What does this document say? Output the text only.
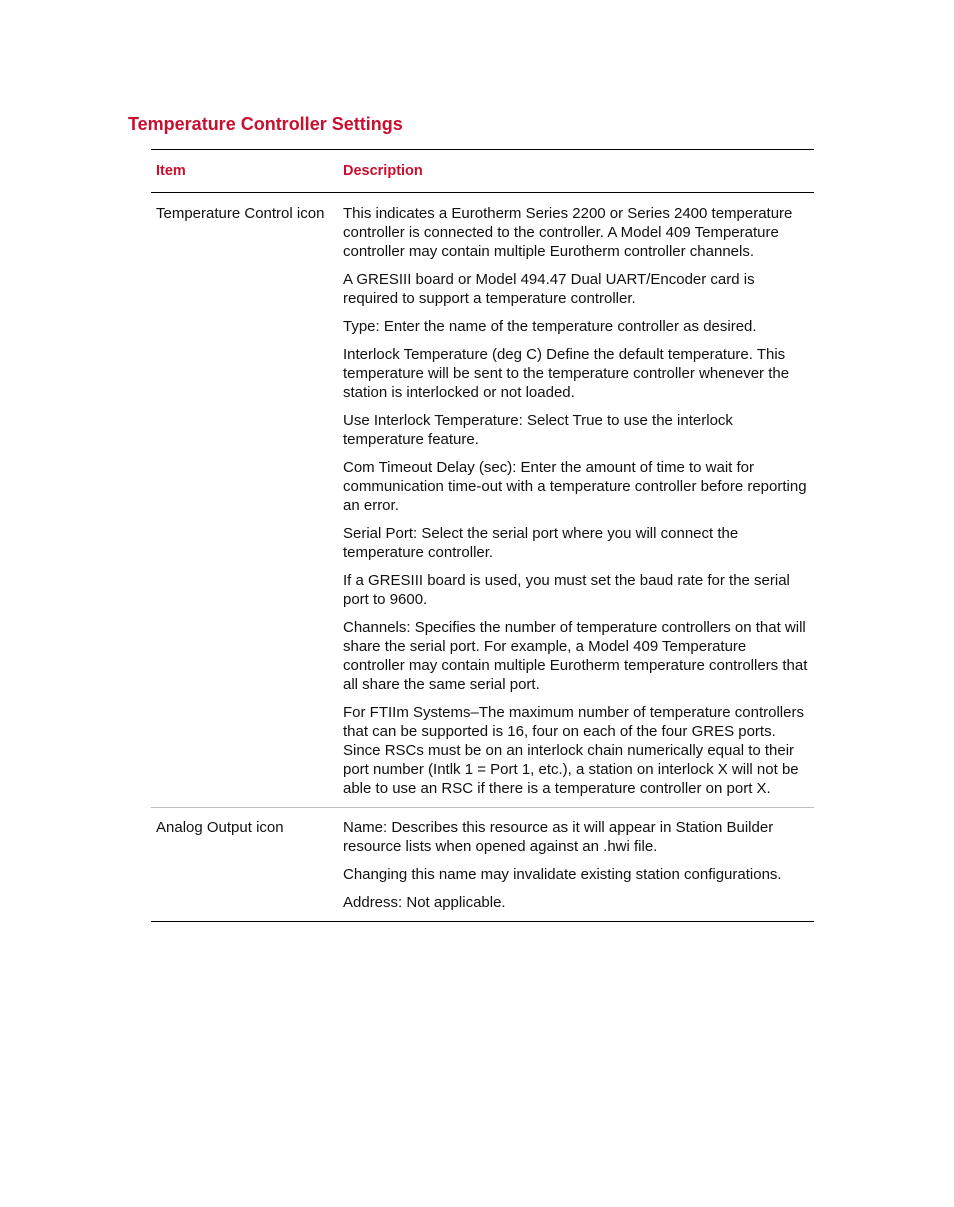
Temperature Controller Settings
Item	Description
Temperature Control icon	This indicates a Eurotherm Series 2200 or Series 2400 temperature controller is connected to the controller. A Model 409 Temperature controller may contain multiple Eurotherm controller channels.

A GRESIII board or Model 494.47 Dual UART/Encoder card is required to support a temperature controller.

Type: Enter the name of the temperature controller as desired.

Interlock Temperature (deg C) Define the default temperature. This temperature will be sent to the temperature controller whenever the station is interlocked or not loaded.

Use Interlock Temperature: Select True to use the interlock temperature feature.

Com Timeout Delay (sec): Enter the amount of time to wait for communication time-out with a temperature controller before reporting an error.

Serial Port: Select the serial port where you will connect the temperature controller.

If a GRESIII board is used, you must set the baud rate for the serial port to 9600.

Channels: Specifies the number of temperature controllers on that will share the serial port. For example, a Model 409 Temperature controller may contain multiple Eurotherm temperature controllers that all share the same serial port.

For FTIIm Systems–The maximum number of temperature controllers that can be supported is 16, four on each of the four GRES ports. Since RSCs must be on an interlock chain numerically equal to their port number (Intlk 1 = Port 1, etc.), a station on interlock X will not be able to use an RSC if there is a temperature controller on port X.

Analog Output icon	Name: Describes this resource as it will appear in Station Builder resource lists when opened against an .hwi file.

Changing this name may invalidate existing station configurations.

Address: Not applicable.
